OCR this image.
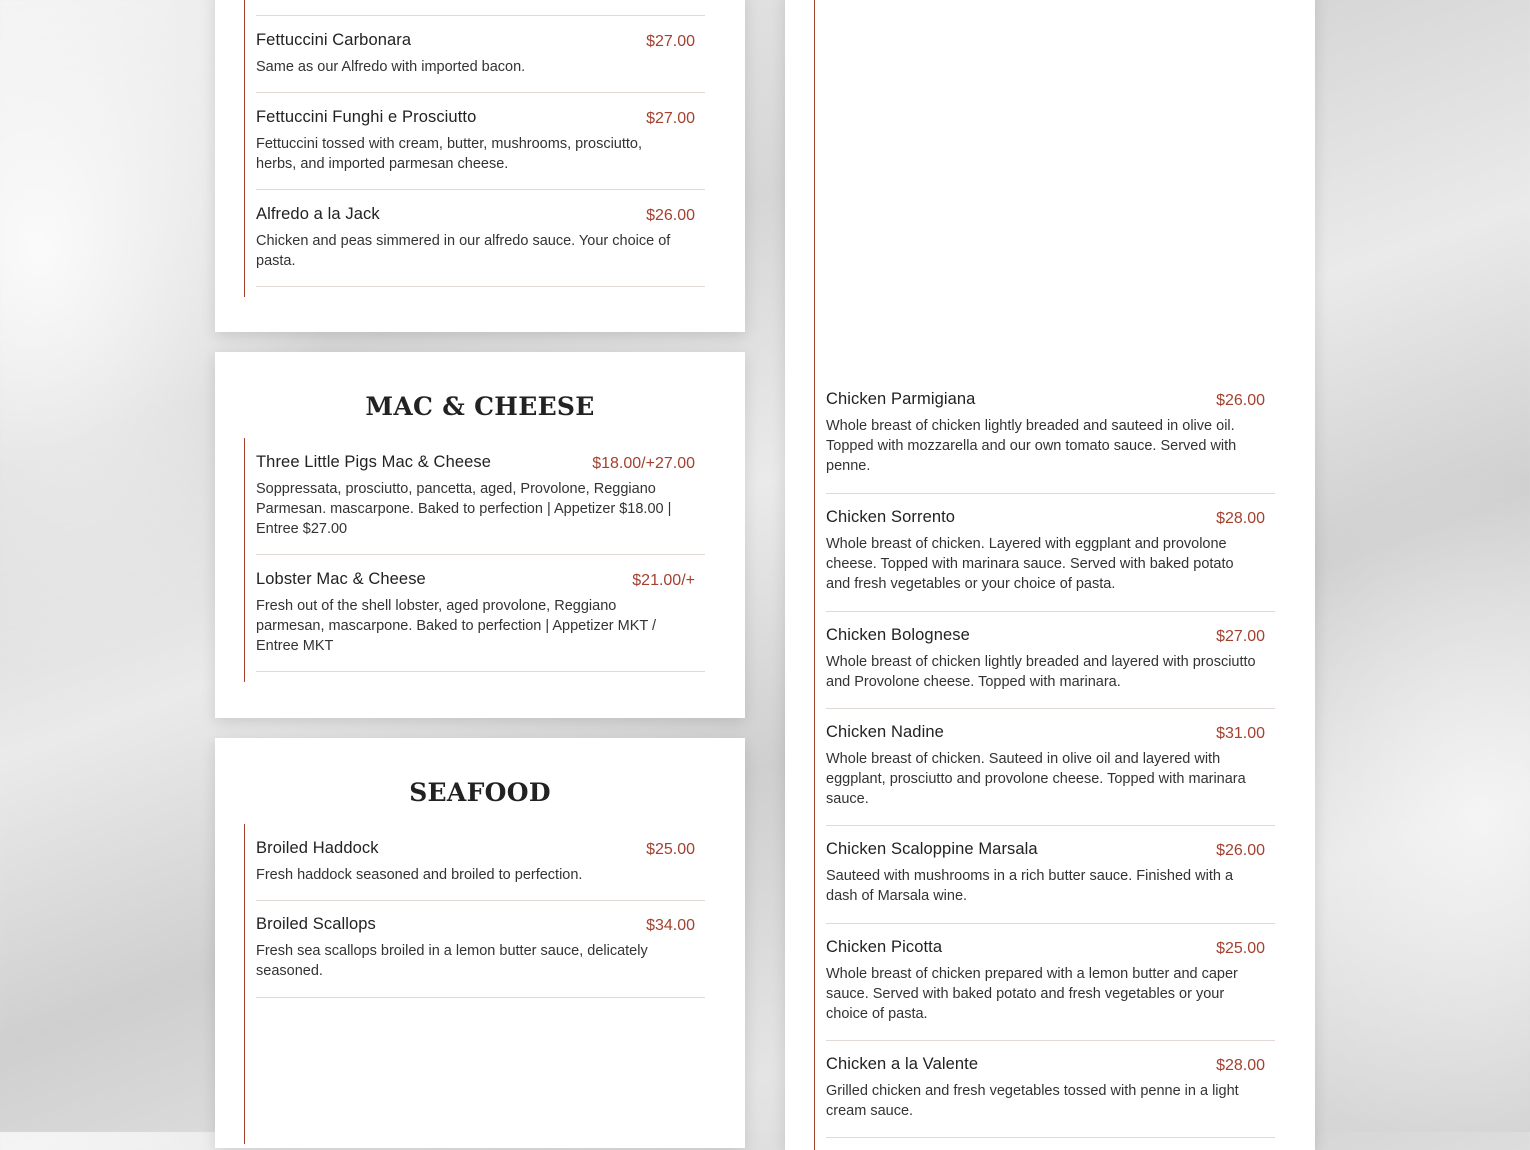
Fettuccini Carbonara	$27.00
Same as our Alfredo with imported bacon.
Fettuccini Funghi e Prosciutto	$27.00
Fettuccini tossed with cream, butter, mushrooms, prosciutto, herbs, and imported parmesan cheese.
Alfredo a la Jack	$26.00
Chicken and peas simmered in our alfredo sauce. Your choice of pasta.
MAC & CHEESE
Three Little Pigs Mac & Cheese	$18.00/+27.00
Soppressata, prosciutto, pancetta, aged, Provolone, Reggiano Parmesan. mascarpone. Baked to perfection | Appetizer $18.00 | Entree $27.00
Lobster Mac & Cheese	$21.00/+
Fresh out of the shell lobster, aged provolone, Reggiano parmesan, mascarpone. Baked to perfection | Appetizer MKT / Entree MKT
SEAFOOD
Broiled Haddock	$25.00
Fresh haddock seasoned and broiled to perfection.
Broiled Scallops	$34.00
Fresh sea scallops broiled in a lemon butter sauce, delicately seasoned.
Chicken Parmigiana	$26.00
Whole breast of chicken lightly breaded and sauteed in olive oil. Topped with mozzarella and our own tomato sauce. Served with penne.
Chicken Sorrento	$28.00
Whole breast of chicken. Layered with eggplant and provolone cheese. Topped with marinara sauce. Served with baked potato and fresh vegetables or your choice of pasta.
Chicken Bolognese	$27.00
Whole breast of chicken lightly breaded and layered with prosciutto and Provolone cheese. Topped with marinara.
Chicken Nadine	$31.00
Whole breast of chicken. Sauteed in olive oil and layered with eggplant, prosciutto and provolone cheese. Topped with marinara sauce.
Chicken Scaloppine Marsala	$26.00
Sauteed with mushrooms in a rich butter sauce. Finished with a dash of Marsala wine.
Chicken Picotta	$25.00
Whole breast of chicken prepared with a lemon butter and caper sauce. Served with baked potato and fresh vegetables or your choice of pasta.
Chicken a la Valente	$28.00
Grilled chicken and fresh vegetables tossed with penne in a light cream sauce.
